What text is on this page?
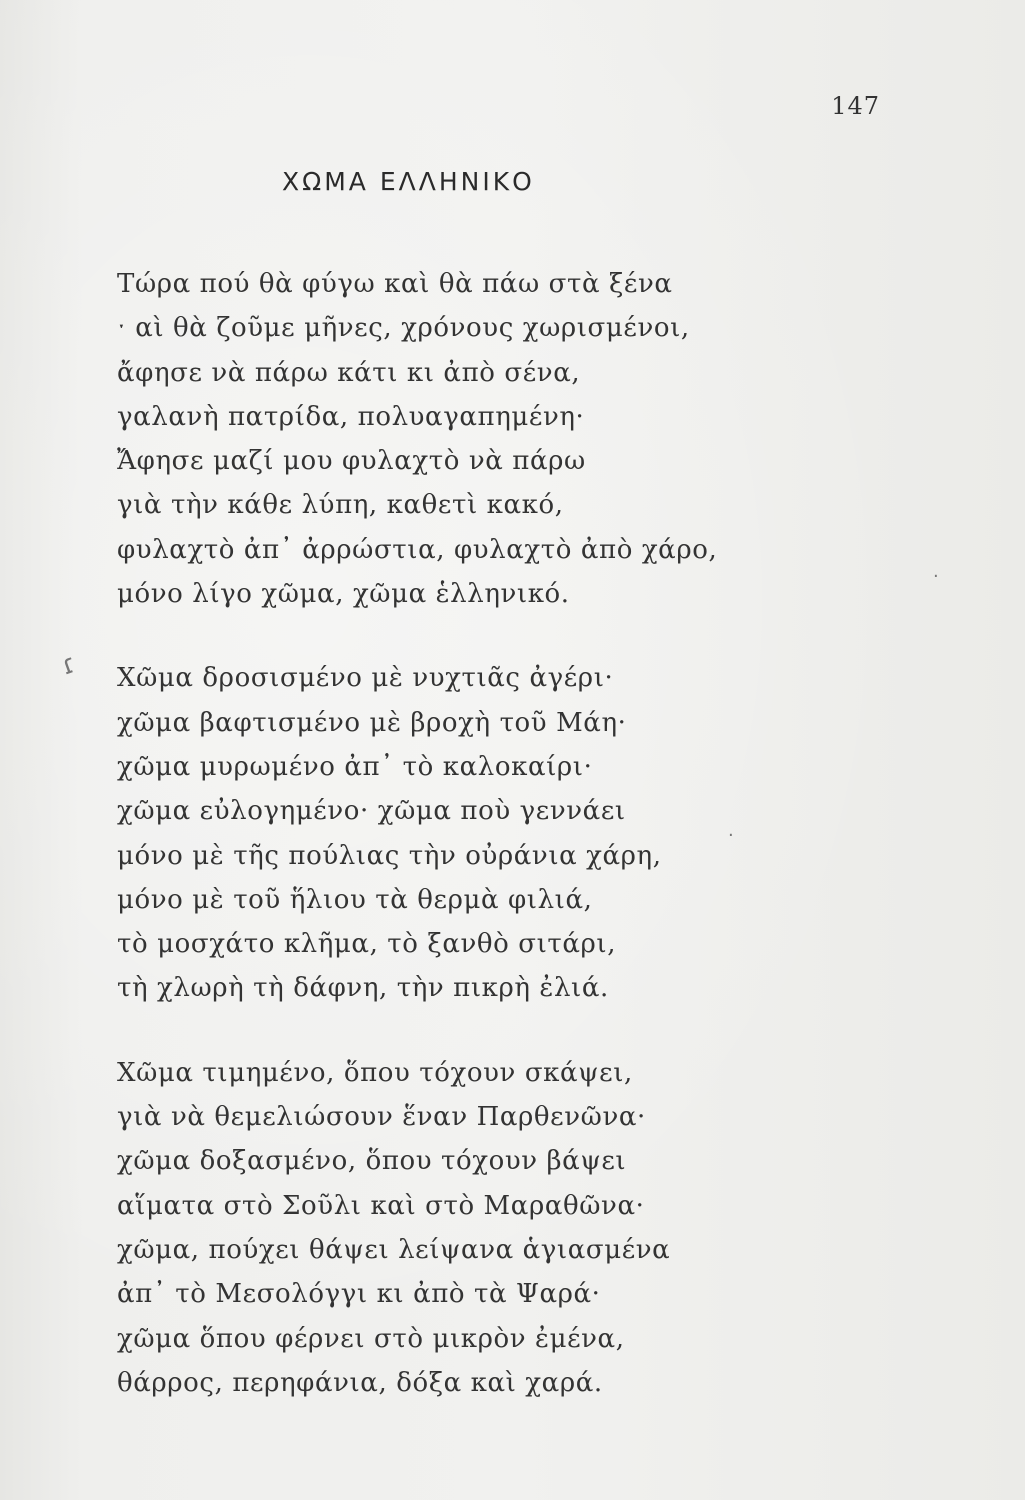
147
ΧΩΜΑ ΕΛΛΗΝΙΚΟ
Τώρα πού θὰ φύγω καὶ θὰ πάω στὰ ξένα
ˑ αὶ θὰ ζοῦμε μῆνες, χρόνους χωρισμένοι,
ἄφησε νὰ πάρω κάτι κι ἀπὸ σένα,
γαλανὴ πατρίδα, πολυαγαπημένη·
Ἄφησε μαζί μου φυλαχτὸ νὰ πάρω
γιὰ τὴν κάθε λύπη, καθετὶ κακό,
φυλαχτὸ ἀπ᾽ ἀρρώστια, φυλαχτὸ ἀπὸ χάρο,
μόνο λίγο χῶμα, χῶμα ἑλληνικό.
Χῶμα δροσισμένο μὲ νυχτιᾶς ἀγέρι·
χῶμα βαφτισμένο μὲ βροχὴ τοῦ Μάη·
χῶμα μυρωμένο ἀπ᾽ τὸ καλοκαίρι·
χῶμα εὐλογημένο· χῶμα ποὺ γεννάει
μόνο μὲ τῆς πούλιας τὴν οὐράνια χάρη,
μόνο μὲ τοῦ ἥλιου τὰ θερμὰ φιλιά,
τὸ μοσχάτο κλῆμα, τὸ ξανθὸ σιτάρι,
τὴ χλωρὴ τὴ δάφνη, τὴν πικρὴ ἐλιά.
Χῶμα τιμημένο, ὅπου τόχουν σκάψει,
γιὰ νὰ θεμελιώσουν ἕναν Παρθενῶνα·
χῶμα δοξασμένο, ὅπου τόχουν βάψει
αἵματα στὸ Σοῦλι καὶ στὸ Μαραθῶνα·
χῶμα, πούχει θάψει λείψανα ἁγιασμένα
ἀπ᾽ τὸ Μεσολόγγι κι ἀπὸ τὰ Ψαρά·
χῶμα ὅπου φέρνει στὸ μικρὸν ἐμένα,
θάρρος, περηφάνια, δόξα καὶ χαρά.
ɾ
·
·
